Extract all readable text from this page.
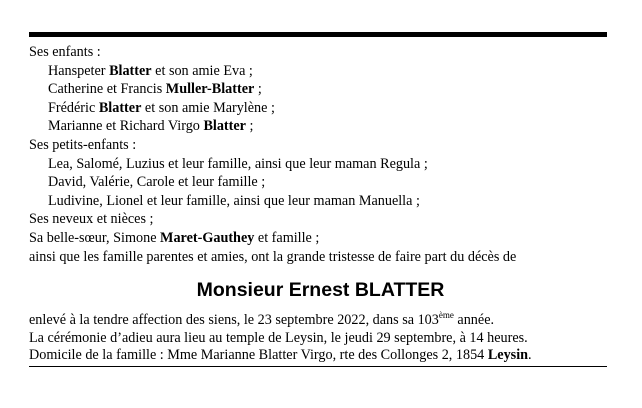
Ses enfants :
Hanspeter Blatter et son amie Eva ;
Catherine et Francis Muller-Blatter ;
Frédéric Blatter et son amie Marylène ;
Marianne et Richard Virgo Blatter ;
Ses petits-enfants :
Lea, Salomé, Luzius et leur famille, ainsi que leur maman Regula ;
David, Valérie, Carole et leur famille ;
Ludivine, Lionel et leur famille, ainsi que leur maman Manuella ;
Ses neveux et nièces ;
Sa belle-sœur, Simone Maret-Gauthey et famille ;
ainsi que les famille parentes et amies, ont la grande tristesse de faire part du décès de
Monsieur Ernest BLATTER
enlevé à la tendre affection des siens, le 23 septembre 2022, dans sa 103ème année.
La cérémonie d’adieu aura lieu au temple de Leysin, le jeudi 29 septembre, à 14 heures.
Domicile de la famille : Mme Marianne Blatter Virgo, rte des Collonges 2, 1854 Leysin.
